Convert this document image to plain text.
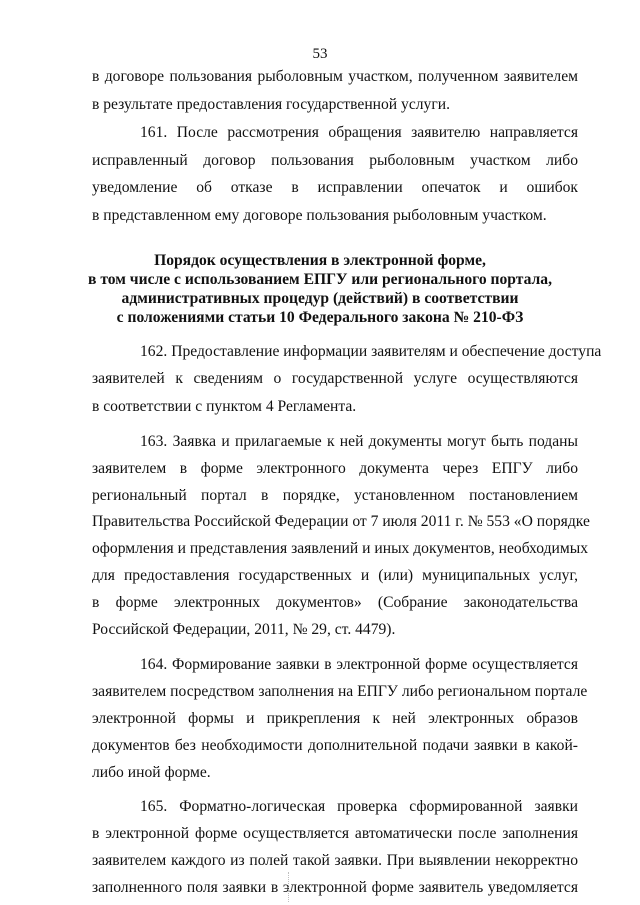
53
в договоре пользования рыболовным участком, полученном заявителем
в результате предоставления государственной услуги.
161. После рассмотрения обращения заявителю направляется
исправленный договор пользования рыболовным участком либо
уведомление об отказе в исправлении опечаток и ошибок
в представленном ему договоре пользования рыболовным участком.
Порядок осуществления в электронной форме,
в том числе с использованием ЕПГУ или регионального портала,
административных процедур (действий) в соответствии
с положениями статьи 10 Федерального закона № 210-ФЗ
162. Предоставление информации заявителям и обеспечение доступа
заявителей к сведениям о государственной услуге осуществляются
в соответствии с пунктом 4 Регламента.
163. Заявка и прилагаемые к ней документы могут быть поданы
заявителем в форме электронного документа через ЕПГУ либо
региональный портал в порядке, установленном постановлением
Правительства Российской Федерации от 7 июля 2011 г. № 553 «О порядке
оформления и представления заявлений и иных документов, необходимых
для предоставления государственных и (или) муниципальных услуг,
в форме электронных документов» (Собрание законодательства
Российской Федерации, 2011, № 29, ст. 4479).
164. Формирование заявки в электронной форме осуществляется
заявителем посредством заполнения на ЕПГУ либо региональном портале
электронной формы и прикрепления к ней электронных образов
документов без необходимости дополнительной подачи заявки в какой-
либо иной форме.
165. Форматно-логическая проверка сформированной заявки
в электронной форме осуществляется автоматически после заполнения
заявителем каждого из полей такой заявки. При выявлении некорректно
заполненного поля заявки в электронной форме заявитель уведомляется
